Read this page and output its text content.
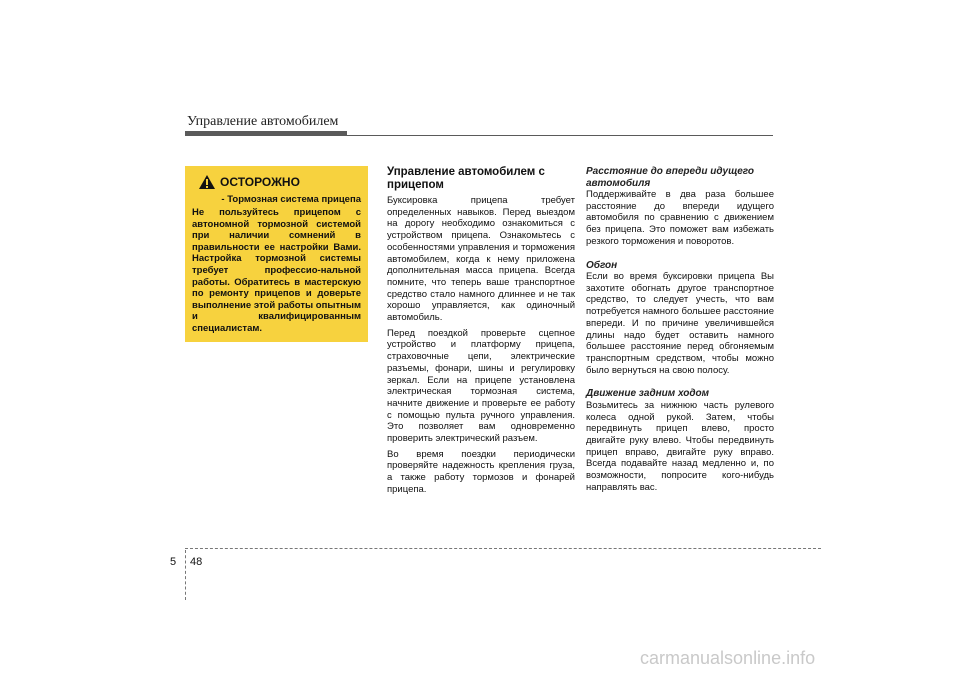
Управление автомобилем
ОСТОРОЖНО
- Тормозная система прицепа
Не пользуйтесь прицепом с автономной тормозной системой при наличии сомнений в правильности ее настройки Вами. Настройка тормозной системы требует профессио-нальной работы. Обратитесь в мастерскую по ремонту прицепов и доверьте выполнение этой работы опытным и квалифицированным специалистам.
Управление автомобилем с прицепом

Буксировка прицепа требует определенных навыков. Перед выездом на дорогу необходимо ознакомиться с устройством прицепа. Ознакомьтесь с особенностями управления и торможения автомобилем, когда к нему приложена дополнительная масса прицепа. Всегда помните, что теперь ваше транспортное средство стало намного длиннее и не так хорошо управляется, как одиночный автомобиль.

Перед поездкой проверьте сцепное устройство и платформу прицепа, страховочные цепи, электрические разъемы, фонари, шины и регулировку зеркал. Если на прицепе установлена электрическая тормозная система, начните движение и проверьте ее работу с помощью пульта ручного управления. Это позволяет вам одновременно проверить электрический разъем.

Во время поездки периодически проверяйте надежность крепления груза, а также работу тормозов и фонарей прицепа.

Расстояние до впереди идущего автомобиля

Поддерживайте в два раза большее расстояние до впереди идущего автомобиля по сравнению с движением без прицепа. Это поможет вам избежать резкого торможения и поворотов.

Обгон

Если во время буксировки прицепа Вы захотите обогнать другое транспортное средство, то следует учесть, что вам потребуется намного большее расстояние впереди. И по причине увеличившейся длины надо будет оставить намного большее расстояние перед обгоняемым транспортным средством, чтобы можно было вернуться на свою полосу.

Движение задним ходом

Возьмитесь за нижнюю часть рулевого колеса одной рукой. Затем, чтобы передвинуть прицеп влево, просто двигайте руку влево. Чтобы передвинуть прицеп вправо, двигайте руку вправо. Всегда подавайте назад медленно и, по возможности, попросите кого-нибудь направлять вас.

5 48
carmanualsonline.info
